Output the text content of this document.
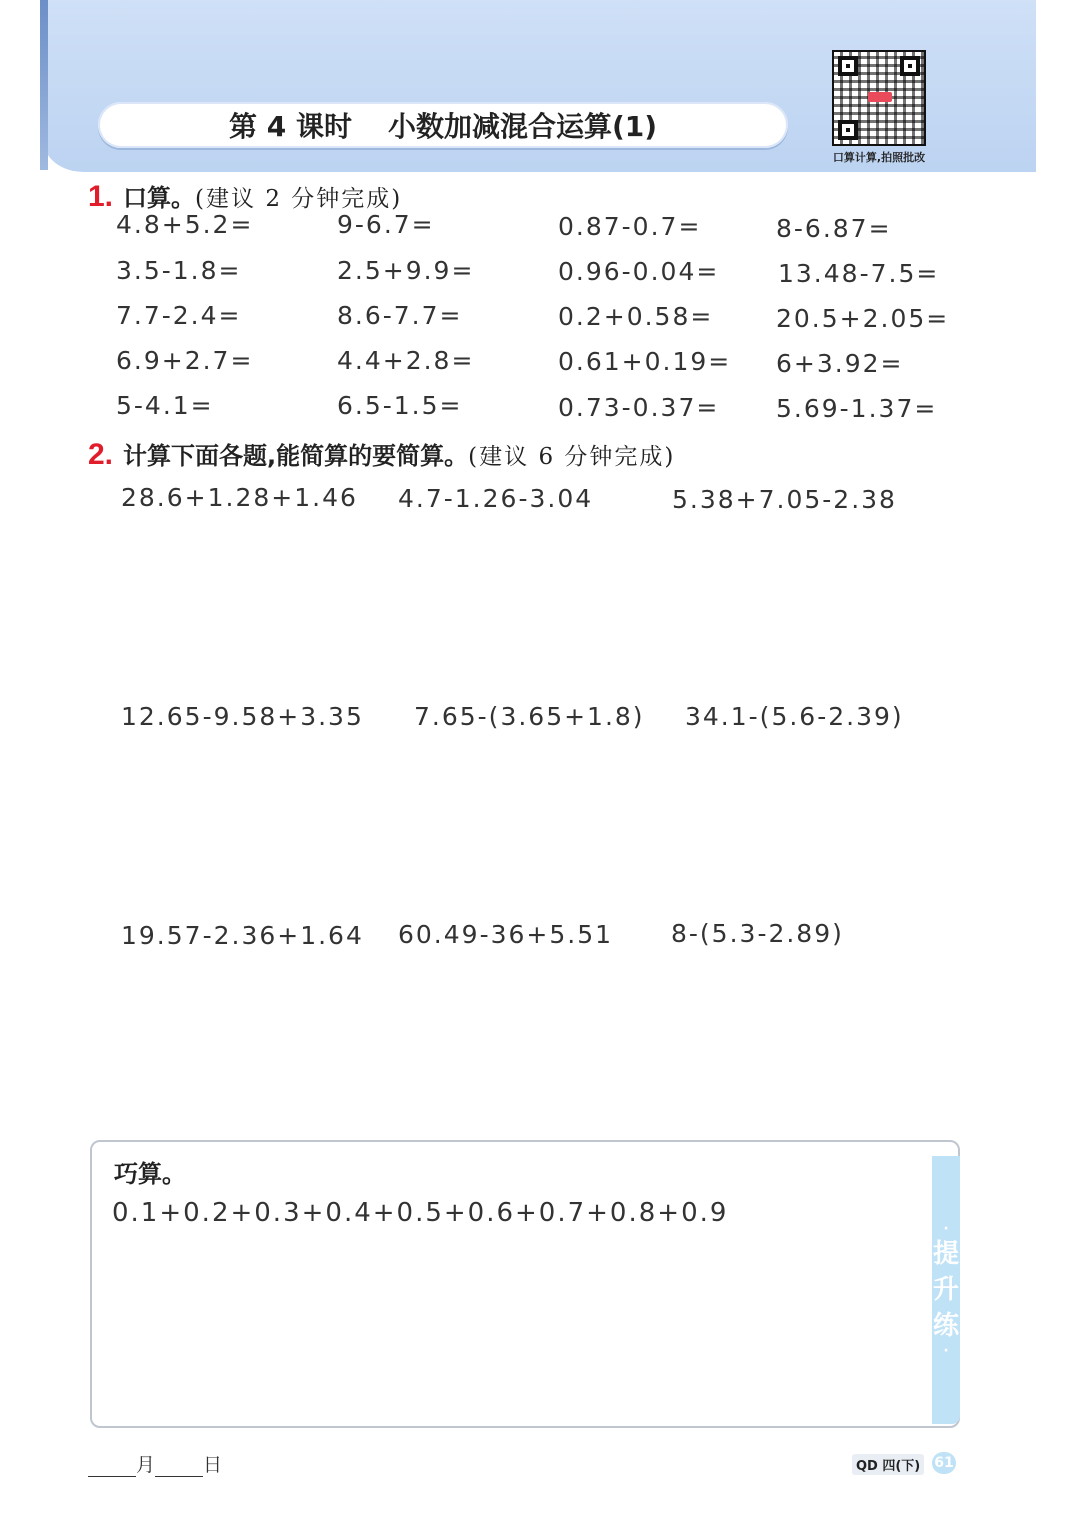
第 4 课时 小数加减混合运算(1)
口算计算,拍照批改
1. 口算。 (建议 2 分钟完成)
4.8+5.2=	9-6.7=	0.87-0.7=	8-6.87=
3.5-1.8=	2.5+9.9=	0.96-0.04= 13.48-7.5=
7.7-2.4=	8.6-7.7=	0.2+0.58=	20.5+2.05=
6.9+2.7=	4.4+2.8=	0.61+0.19= 6+3.92=
5-4.1=	6.5-1.5=	0.73-0.37= 5.69-1.37=
2. 计算下面各题,能简算的要简算。 (建议 6 分钟完成)
28.6+1.28+1.46 4.7-1.26-3.04	5.38+7.05-2.38
12.65-9.58+3.35 7.65-(3.65+1.8) 34.1-(5.6-2.39)
19.57-2.36+1.64 60.49-36+5.51 8-(5.3-2.89)
巧算。
0.1+0.2+0.3+0.4+0.5+0.6+0.7+0.8+0.9
·
提
升
练
·
月	日	QD 四(下) 61
